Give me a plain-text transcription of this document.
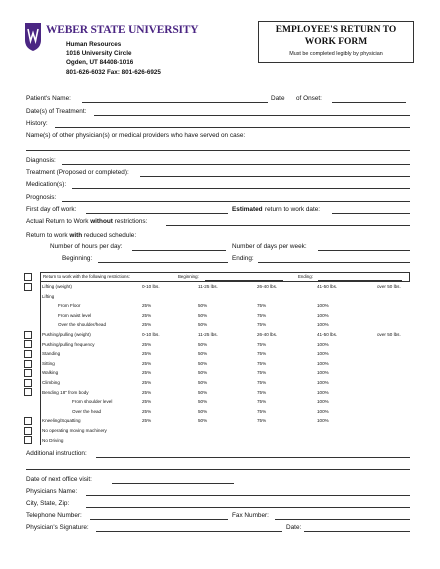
WEBER STATE UNIVERSITY
Human Resources
1016 University Circle
Ogden, UT 84408-1016
801-626-6032 Fax: 801-626-6925
EMPLOYEE'S RETURN TO
WORK FORM
Must be completed legibly by physician
Patient's Name:	Date of Onset:
Date(s) of Treatment:
History:
Name(s) of other physician(s) or medical providers who have served on case:
Diagnosis:
Treatment (Proposed or completed):
Medication(s):
Prognosis:
First day off work:	Estimated return to work date:
Actual Return to Work without restrictions:
Return to work with reduced schedule:
Number of hours per day:	Number of days per week:
Beginning:	Ending:
Return to work with the following restrictions:	Beginning:	Ending:
Lifting (weight)	0-10 lbs.	11-25 lbs.	26-40 lbs.	41-50 lbs.	over 50 lbs.
Lifting
From Floor	25%	50%	75%	100%
From waist level	25%	50%	75%	100%
Over the shoulder/head	25%	50%	75%	100%
Pushing/pulling (weight)	0-10 lbs.	11-25 lbs.	26-40 lbs.	41-50 lbs.	over 50 lbs.
Pushing/pulling frequency	25%	50%	75%	100%
Standing	25%	50%	75%	100%
Sitting	25%	50%	75%	100%
Walking	25%	50%	75%	100%
Climbing	25%	50%	75%	100%
Bending 18" from body	25%	50%	75%	100%
From shoulder level	25%	50%	75%	100%
Over the head	25%	50%	75%	100%
Kneeling/Squatting	25%	50%	75%	100%
No operating moving machinery
No Driving
Additional instruction:
Date of next office visit:
Physicians Name:
City, State, Zip:
Telephone Number:	Fax Number:
Physician's Signature:	Date:
